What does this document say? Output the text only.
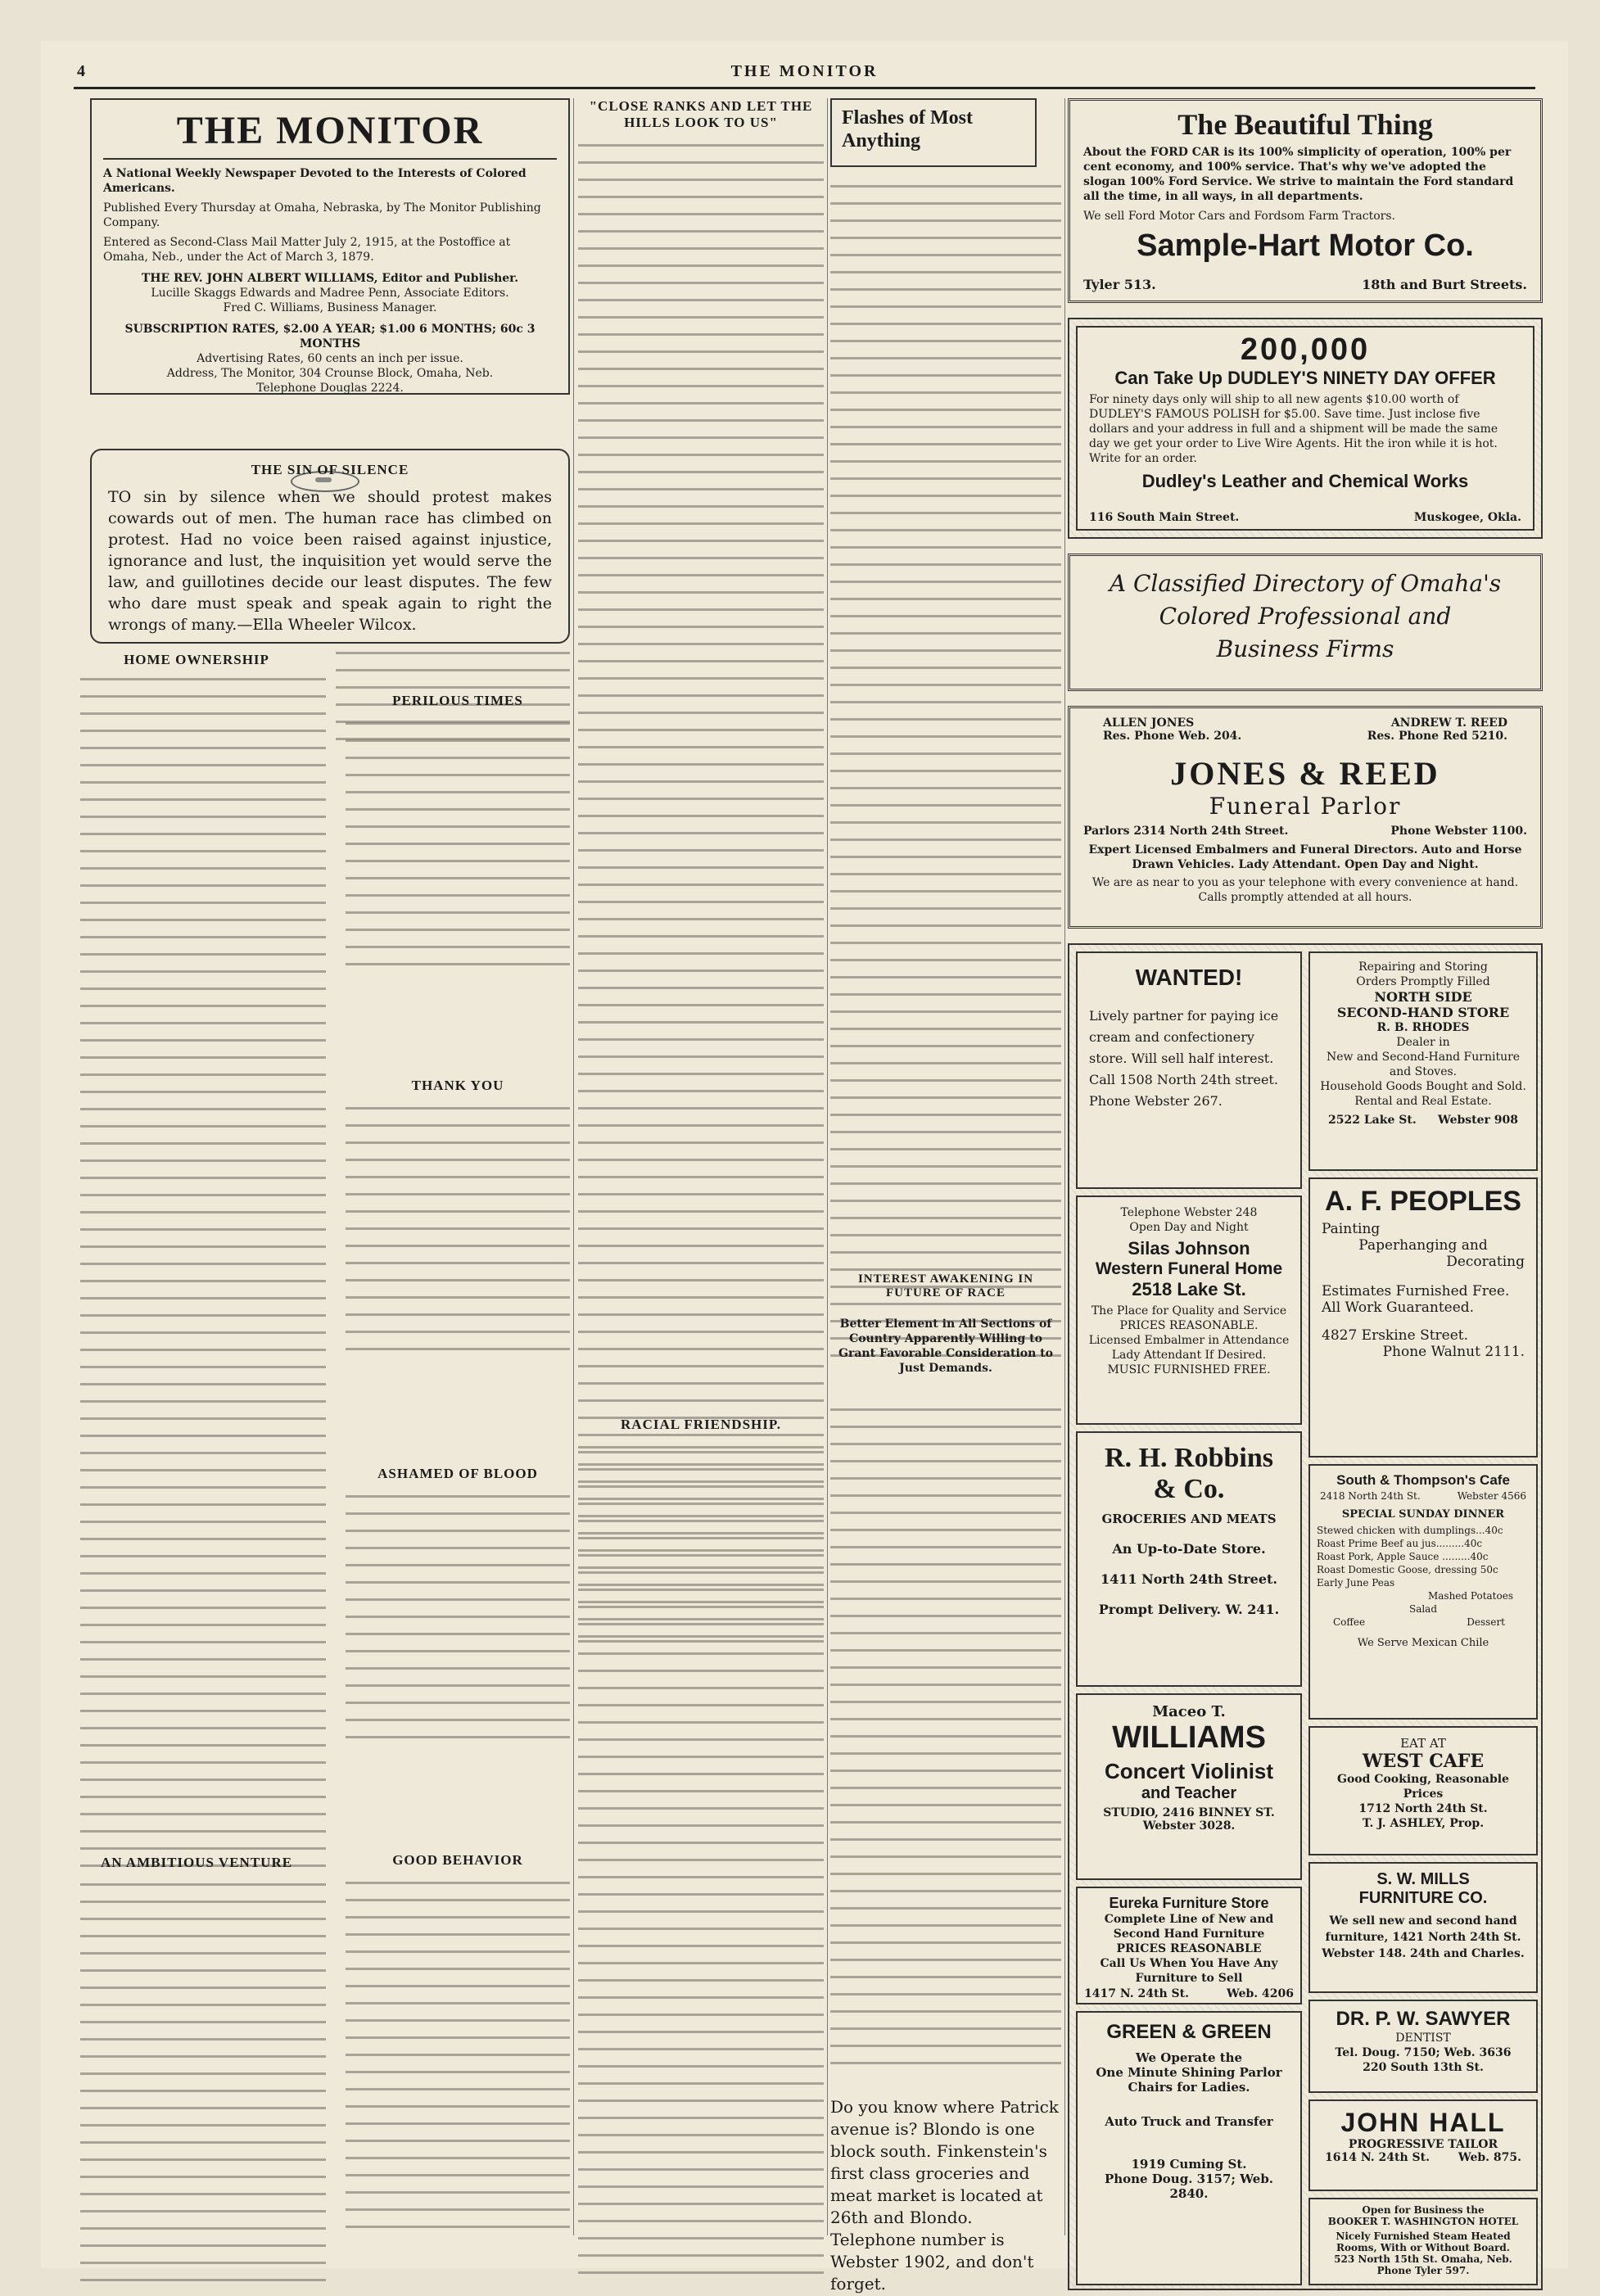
4	THE MONITOR
THE MONITOR
A National Weekly Newspaper Devoted to the Interests of Colored Americans.
Published Every Thursday at Omaha, Nebraska, by The Monitor Publishing Company.
Entered as Second-Class Mail Matter July 2, 1915, at the Postoffice at Omaha, Neb., under the Act of March 3, 1879.
THE REV. JOHN ALBERT WILLIAMS, Editor and Publisher.
Lucille Skaggs Edwards and Madree Penn, Associate Editors.
Fred C. Williams, Business Manager.
SUBSCRIPTION RATES, $2.00 A YEAR; $1.00 6 MONTHS; 60c 3 MONTHS
Advertising Rates, 60 cents an inch per issue.
Address, The Monitor, 304 Crounse Block, Omaha, Neb.
Telephone Douglas 2224.
THE SIN OF SILENCE
TO sin by silence when we should protest makes cowards out of men. The human race has climbed on protest. Had no voice been raised against injustice, ignorance and lust, the inquisition yet would serve the law, and guillotines decide our least disputes. The few who dare must speak and speak again to right the wrongs of many.—Ella Wheeler Wilcox.
HOME OWNERSHIP
AN AMBITIOUS VENTURE
PERILOUS TIMES
THANK YOU
ASHAMED OF BLOOD
GOOD BEHAVIOR
"CLOSE RANKS AND LET THE HILLS LOOK TO US"
RACIAL FRIENDSHIP.
Flashes of Most Anything
INTEREST AWAKENING IN FUTURE OF RACE
Better Element in All Sections of Country Apparently Willing to Grant Favorable Consideration to Just Demands.
Do you know where Patrick avenue is? Blondo is one block south. Finkenstein's first class groceries and meat market is located at 26th and Blondo. Telephone number is Webster 1902, and don't forget.
The Beautiful Thing
About the FORD CAR is its 100% simplicity of operation, 100% per cent economy, and 100% service. That's why we've adopted the slogan 100% Ford Service. We strive to maintain the Ford standard all the time, in all ways, in all departments.
We sell Ford Motor Cars and Fordsom Farm Tractors.
Sample-Hart Motor Co.
Tyler 513.	18th and Burt Streets.
200,000
Can Take Up DUDLEY'S NINETY DAY OFFER
For ninety days only will ship to all new agents $10.00 worth of DUDLEY'S FAMOUS POLISH for $5.00. Save time. Just inclose five dollars and your address in full and a shipment will be made the same day we get your order to Live Wire Agents. Hit the iron while it is hot. Write for an order.
Dudley's Leather and Chemical Works
116 South Main Street.	Muskogee, Okla.
A Classified Directory of Omaha's
Colored Professional and
Business Firms
ALLEN JONES
Res. Phone Web. 204.
ANDREW T. REED
Res. Phone Red 5210.
JONES & REED
Funeral Parlor
Parlors 2314 North 24th Street.	Phone Webster 1100.
Expert Licensed Embalmers and Funeral Directors. Auto and Horse Drawn Vehicles. Lady Attendant. Open Day and Night.
We are as near to you as your telephone with every convenience at hand. Calls promptly attended at all hours.
WANTED!
Lively partner for paying ice cream and confectionery store. Will sell half interest. Call 1508 North 24th street. Phone Webster 267.
Telephone Webster 248
Open Day and Night
Silas Johnson
Western Funeral Home
2518 Lake St.
The Place for Quality and Service
PRICES REASONABLE.
Licensed Embalmer in Attendance
Lady Attendant If Desired.
MUSIC FURNISHED FREE.
R. H. Robbins
& Co.
GROCERIES AND MEATS
An Up-to-Date Store.
1411 North 24th Street.
Prompt Delivery. W. 241.
Maceo T.
WILLIAMS
Concert Violinist
and Teacher
STUDIO, 2416 BINNEY ST.
Webster 3028.
Eureka Furniture Store
Complete Line of New and Second Hand Furniture
PRICES REASONABLE
Call Us When You Have Any Furniture to Sell
1417 N. 24th St.	Web. 4206
GREEN & GREEN
We Operate the
One Minute Shining Parlor
Chairs for Ladies.
Auto Truck and Transfer
1919 Cuming St.
Phone Doug. 3157; Web. 2840.
Repairing and Storing
Orders Promptly Filled
NORTH SIDE
SECOND-HAND STORE
R. B. RHODES
Dealer in
New and Second-Hand Furniture and Stoves.
Household Goods Bought and Sold. Rental and Real Estate.
2522 Lake St. Webster 908
A. F. PEOPLES
Painting
Paperhanging and
Decorating
Estimates Furnished Free.
All Work Guaranteed.
4827 Erskine Street.
Phone Walnut 2111.
South & Thompson's Cafe
2418 North 24th St.	Webster 4566
SPECIAL SUNDAY DINNER
Stewed chicken with dumplings...40c
Roast Prime Beef au jus.........40c
Roast Pork, Apple Sauce .........40c
Roast Domestic Goose, dressing 50c
Early June Peas
Mashed Potatoes
Salad
Coffee	Dessert
We Serve Mexican Chile
EAT AT
WEST CAFE
Good Cooking, Reasonable Prices
1712 North 24th St.
T. J. ASHLEY, Prop.
S. W. MILLS
FURNITURE CO.
We sell new and second hand furniture, 1421 North 24th St. Webster 148. 24th and Charles.
DR. P. W. SAWYER
DENTIST
Tel. Doug. 7150; Web. 3636
220 South 13th St.
JOHN HALL
PROGRESSIVE TAILOR
1614 N. 24th St. Web. 875.
Open for Business the
BOOKER T. WASHINGTON HOTEL
Nicely Furnished Steam Heated Rooms, With or Without Board.
523 North 15th St. Omaha, Neb.
Phone Tyler 597.
